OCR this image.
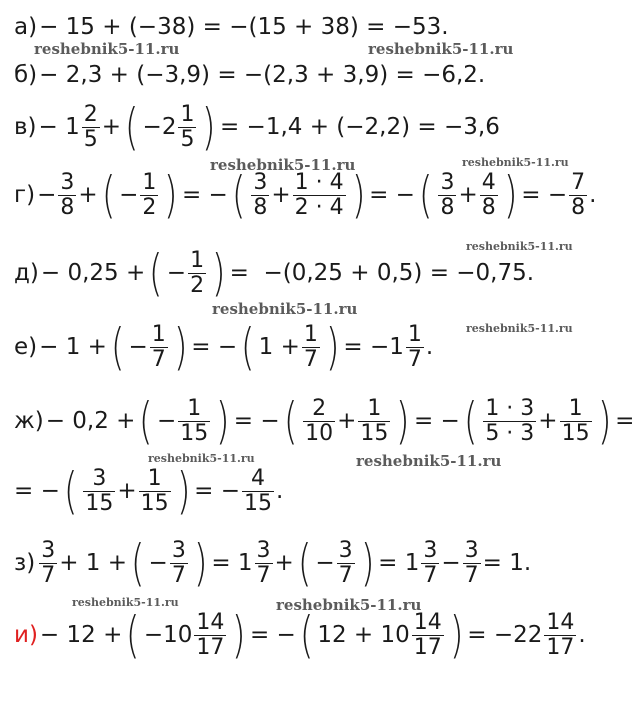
а) − 15 + (−38) = −(15 + 38) = −53.
б) − 2,3 + (−3,9) = −(2,3 + 3,9) = −6,2.
$в) - 1 \frac{2}{5}$ + ( $-2 \frac{1}{5}$ ) = −1,4 + (−2,2) = −3,6
$г) - \frac{3}{8}$ + ( − $\frac{1}{2}$ ) = − ( $\frac{3}{8} + \frac{1 \cdot 4}{2 \cdot 4}$ ) = − ( $\frac{3}{8} + \frac{4}{8}$ ) = − $\frac{7}{8}$ .
д) − 0,25 + ( − $\frac{1}{2}$ ) =  −(0,25 + 0,5) = −0,75.
е) − 1 + ( − $\frac{1}{7}$ ) = − ( $1 + \frac{1}{7}$ ) = $-1 \frac{1}{7}$ .
ж) − 0,2 + ( − $\frac{1}{15}$ ) = − ( $\frac{2}{10} + \frac{1}{15}$ ) = − ( $\frac{1 \cdot 3}{5 \cdot 3} + \frac{1}{15}$ ) =
= − ( $\frac{3}{15} + \frac{1}{15}$ ) = − $\frac{4}{15}$ .
$з) \frac{3}{7} + 1$ + ( − $\frac{3}{7}$ ) = $1 \frac{3}{7}$ + ( − $\frac{3}{7}$ ) = $1 \frac{3}{7} - \frac{3}{7} = 1$.
и) − 12 + ( $-10 \frac{14}{17}$ ) = − ( $12 + 10 \frac{14}{17}$ ) = $-22 \frac{14}{17}$ .
reshebnik5-11.ru	reshebnik5-11.ru
reshebnik5-11.ru	reshebnik5-11.ru
reshebnik5-11.ru
reshebnik5-11.ru
reshebnik5-11.ru
reshebnik5-11.ru	reshebnik5-11.ru
reshebnik5-11.ru	reshebnik5-11.ru
